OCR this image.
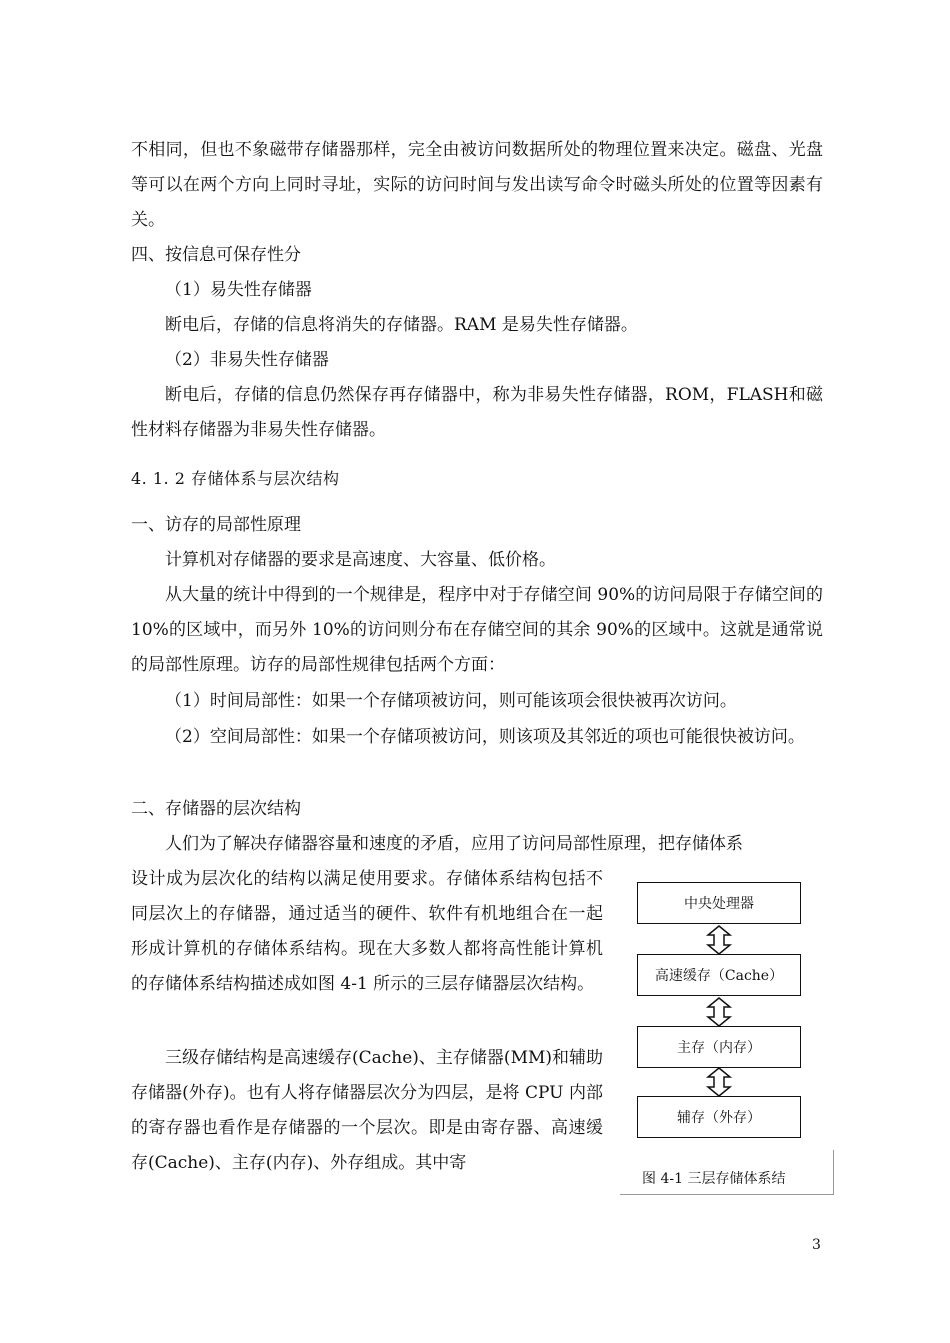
不相同，但也不象磁带存储器那样，完全由被访问数据所处的物理位置来决定。磁盘、光盘等可以在两个方向上同时寻址，实际的访问时间与发出读写命令时磁头所处的位置等因素有关。

四、按信息可保存性分

（1）易失性存储器

断电后，存储的信息将消失的存储器。RAM 是易失性存储器。

（2）非易失性存储器

断电后，存储的信息仍然保存再存储器中，称为非易失性存储器，ROM，FLASH和磁性材料存储器为非易失性存储器。

4. 1. 2 存储体系与层次结构

一、访存的局部性原理

计算机对存储器的要求是高速度、大容量、低价格。

从大量的统计中得到的一个规律是，程序中对于存储空间 90%的访问局限于存储空间的 10%的区域中，而另外 10%的访问则分布在存储空间的其余 90%的区域中。这就是通常说的局部性原理。访存的局部性规律包括两个方面：

（1）时间局部性：如果一个存储项被访问，则可能该项会很快被再次访问。

（2）空间局部性：如果一个存储项被访问，则该项及其邻近的项也可能很快被访问。

二、存储器的层次结构

人们为了解决存储器容量和速度的矛盾，应用了访问局部性原理，把存储体系

设计成为层次化的结构以满足使用要求。存储体系结构包括不同层次上的存储器，通过适当的硬件、软件有机地组合在一起形成计算机的存储体系结构。现在大多数人都将高性能计算机的存储体系结构描述成如图 4-1 所示的三层存储器层次结构。

三级存储结构是高速缓存(Cache)、主存储器(MM)和辅助存储器(外存)。也有人将存储器层次分为四层，是将 CPU 内部的寄存器也看作是存储器的一个层次。即是由寄存器、高速缓存(Cache)、主存(内存)、外存组成。其中寄

中央处理器
高速缓存（Cache）
主存（内存）
辅存（外存）
图 4-1 三层存储体系结
3
